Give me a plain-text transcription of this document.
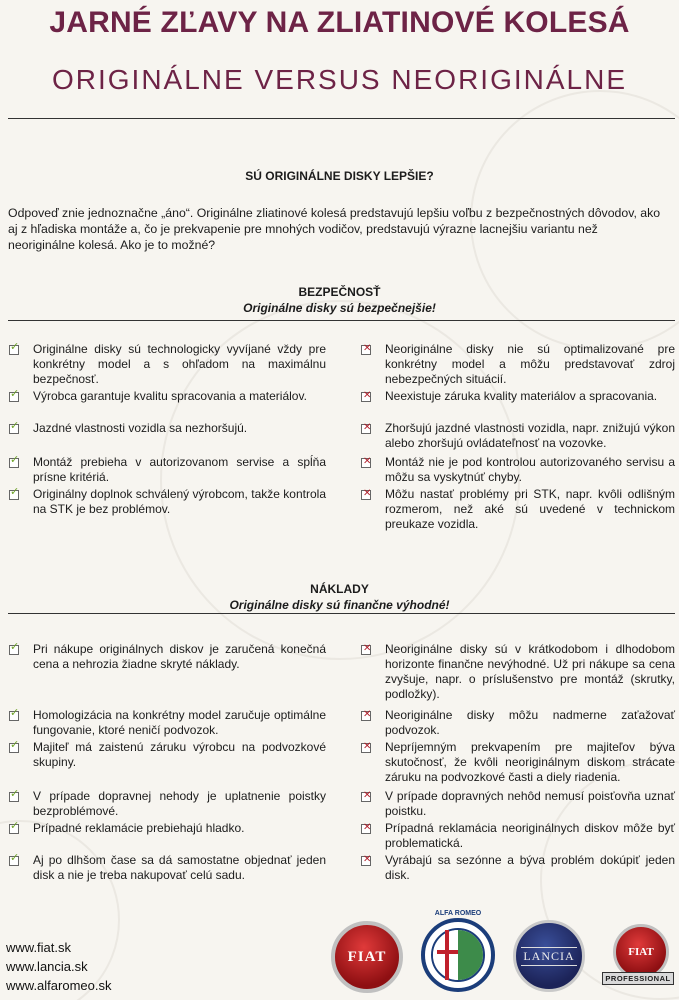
JARNÉ ZĽAVY NA ZLIATINOVÉ KOLESÁ
ORIGINÁLNE VERSUS NEORIGINÁLNE
SÚ ORIGINÁLNE DISKY LEPŠIE?
Odpoveď znie jednoznačne „áno“. Originálne zliatinové kolesá predstavujú lepšiu voľbu z bezpečnostných dôvodov, ako aj z hľadiska montáže a, čo je prekvapenie pre mnohých vodičov, predstavujú výrazne lacnejšiu variantu než neoriginálne kolesá. Ako je to možné?
BEZPEČNOSŤ
Originálne disky sú bezpečnejšie!
✓ Originálne disky sú technologicky vyvíjané vždy pre konkrétny model a s ohľadom na maximálnu bezpečnosť.
✓ Výrobca garantuje kvalitu spracovania a materiálov.
✓ Jazdné vlastnosti vozidla sa nezhoršujú.
✓ Montáž prebieha v autorizovanom servise a spĺňa prísne kritériá.
✓ Originálny doplnok schválený výrobcom, takže kontrola na STK je bez problémov.
✕ Neoriginálne disky nie sú optimalizované pre konkrétny model a môžu predstavovať zdroj nebezpečných situácií.
✕ Neexistuje záruka kvality materiálov a spracovania.
✕ Zhoršujú jazdné vlastnosti vozidla, napr. znižujú výkon alebo zhoršujú ovládateľnosť na vozovke.
✕ Montáž nie je pod kontrolou autorizovaného servisu a môžu sa vyskytnúť chyby.
✕ Môžu nastať problémy pri STK, napr. kvôli odlišným rozmerom, než aké sú uvedené v technickom preukaze vozidla.
NÁKLADY
Originálne disky sú finančne výhodné!
✓ Pri nákupe originálnych diskov je zaručená konečná cena a nehrozia žiadne skryté náklady.
✓ Homologizácia na konkrétny model zaručuje optimálne fungovanie, ktoré neničí podvozok.
✓ Majiteľ má zaistenú záruku výrobcu na podvozkové skupiny.
✓ V prípade dopravnej nehody je uplatnenie poistky bezproblémové.
✓ Prípadné reklamácie prebiehajú hladko.
✓ Aj po dlhšom čase sa dá samostatne objednať jeden disk a nie je treba nakupovať celú sadu.
✕ Neoriginálne disky sú v krátkodobom i dlhodobom horizonte finančne nevýhodné. Už pri nákupe sa cena zvyšuje, napr. o príslušenstvo pre montáž (skrutky, podložky).
✕ Neoriginálne disky môžu nadmerne zaťažovať podvozok.
✕ Nepríjemným prekvapením pre majiteľov býva skutočnosť, že kvôli neoriginálnym diskom strácate záruku na podvozkové časti a diely riadenia.
✕ V prípade dopravných nehôd nemusí poisťovňa uznať poistku.
✕ Prípadná reklamácia neoriginálnych diskov môže byť problematická.
✕ Vyrábajú sa sezónne a býva problém dokúpiť jeden disk.
www.fiat.sk
www.lancia.sk
www.alfaromeo.sk
FIAT
ALFA ROMEO
LANCIA	FIAT
PROFESSIONAL
